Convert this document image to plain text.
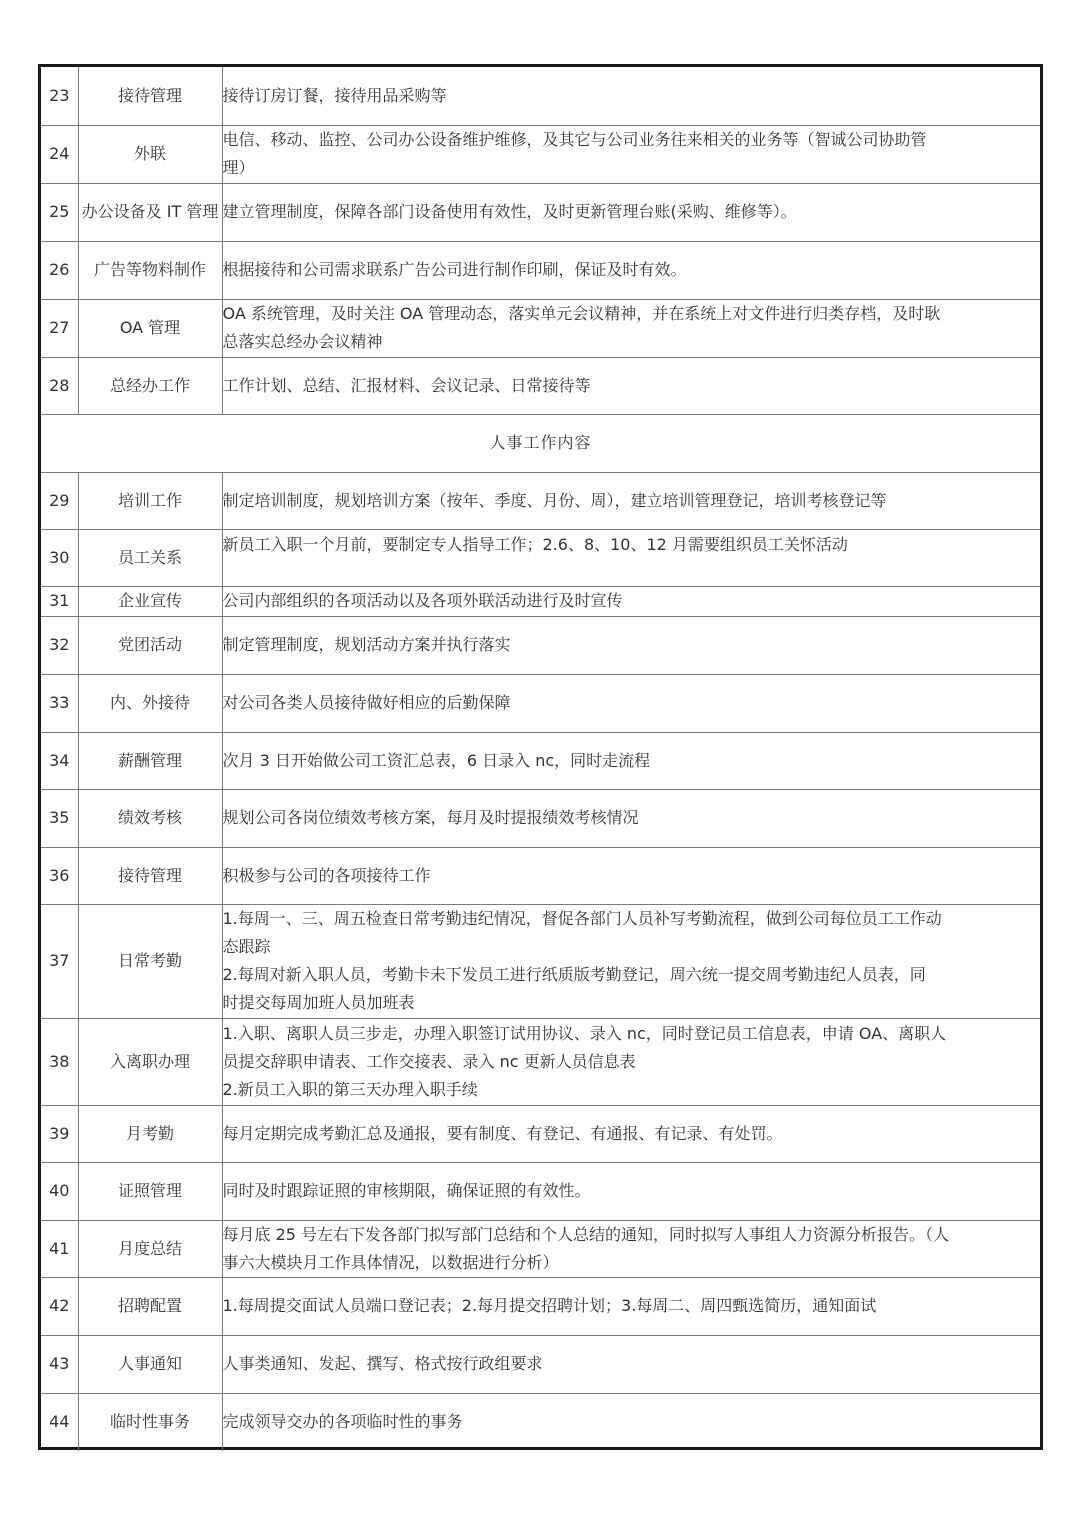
23	接待管理	接待订房订餐，接待用品采购等

24	外联	电信、移动、监控、公司办公设备维护维修，及其它与公司业务往来相关的业务等（智诚公司协助管
理）

25	办公设备及 IT 管理	建立管理制度，保障各部门设备使用有效性，及时更新管理台账(采购、维修等）。

26	广告等物料制作	根据接待和公司需求联系广告公司进行制作印刷，保证及时有效。

27	OA 管理	OA 系统管理，及时关注 OA 管理动态，落实单元会议精神，并在系统上对文件进行归类存档，及时耿
总落实总经办会议精神

28	总经办工作	工作计划、总结、汇报材料、会议记录、日常接待等

人事工作内容		
29	培训工作	制定培训制度，规划培训方案（按年、季度、月份、周），建立培训管理登记，培训考核登记等

30	员工关系	新员工入职一个月前，要制定专人指导工作；2.6、8、10、12 月需要组织员工关怀活动

31	企业宣传	公司内部组织的各项活动以及各项外联活动进行及时宣传

32	党团活动	制定管理制度，规划活动方案并执行落实

33	内、外接待	对公司各类人员接待做好相应的后勤保障

34	薪酬管理	次月 3 日开始做公司工资汇总表，6 日录入 nc，同时走流程

35	绩效考核	规划公司各岗位绩效考核方案，每月及时提报绩效考核情况

36	接待管理	积极参与公司的各项接待工作

37	日常考勤	1.每周一、三、周五检查日常考勤违纪情况，督促各部门人员补写考勤流程，做到公司每位员工工作动
态跟踪
2.每周对新入职人员，考勤卡未下发员工进行纸质版考勤登记，周六统一提交周考勤违纪人员表，同
时提交每周加班人员加班表

38	入离职办理	1.入职、离职人员三步走，办理入职签订试用协议、录入 nc，同时登记员工信息表，申请 OA、离职人
员提交辞职申请表、工作交接表、录入 nc 更新人员信息表
2.新员工入职的第三天办理入职手续

39	月考勤	每月定期完成考勤汇总及通报，要有制度、有登记、有通报、有记录、有处罚。

40	证照管理	同时及时跟踪证照的审核期限，确保证照的有效性。

41	月度总结	每月底 25 号左右下发各部门拟写部门总结和个人总结的通知，同时拟写人事组人力资源分析报告。（人
事六大模块月工作具体情况，以数据进行分析）

42	招聘配置	1.每周提交面试人员端口登记表；2.每月提交招聘计划；3.每周二、周四甄选简历，通知面试

43	人事通知	人事类通知、发起、撰写、格式按行政组要求

44	临时性事务	完成领导交办的各项临时性的事务
